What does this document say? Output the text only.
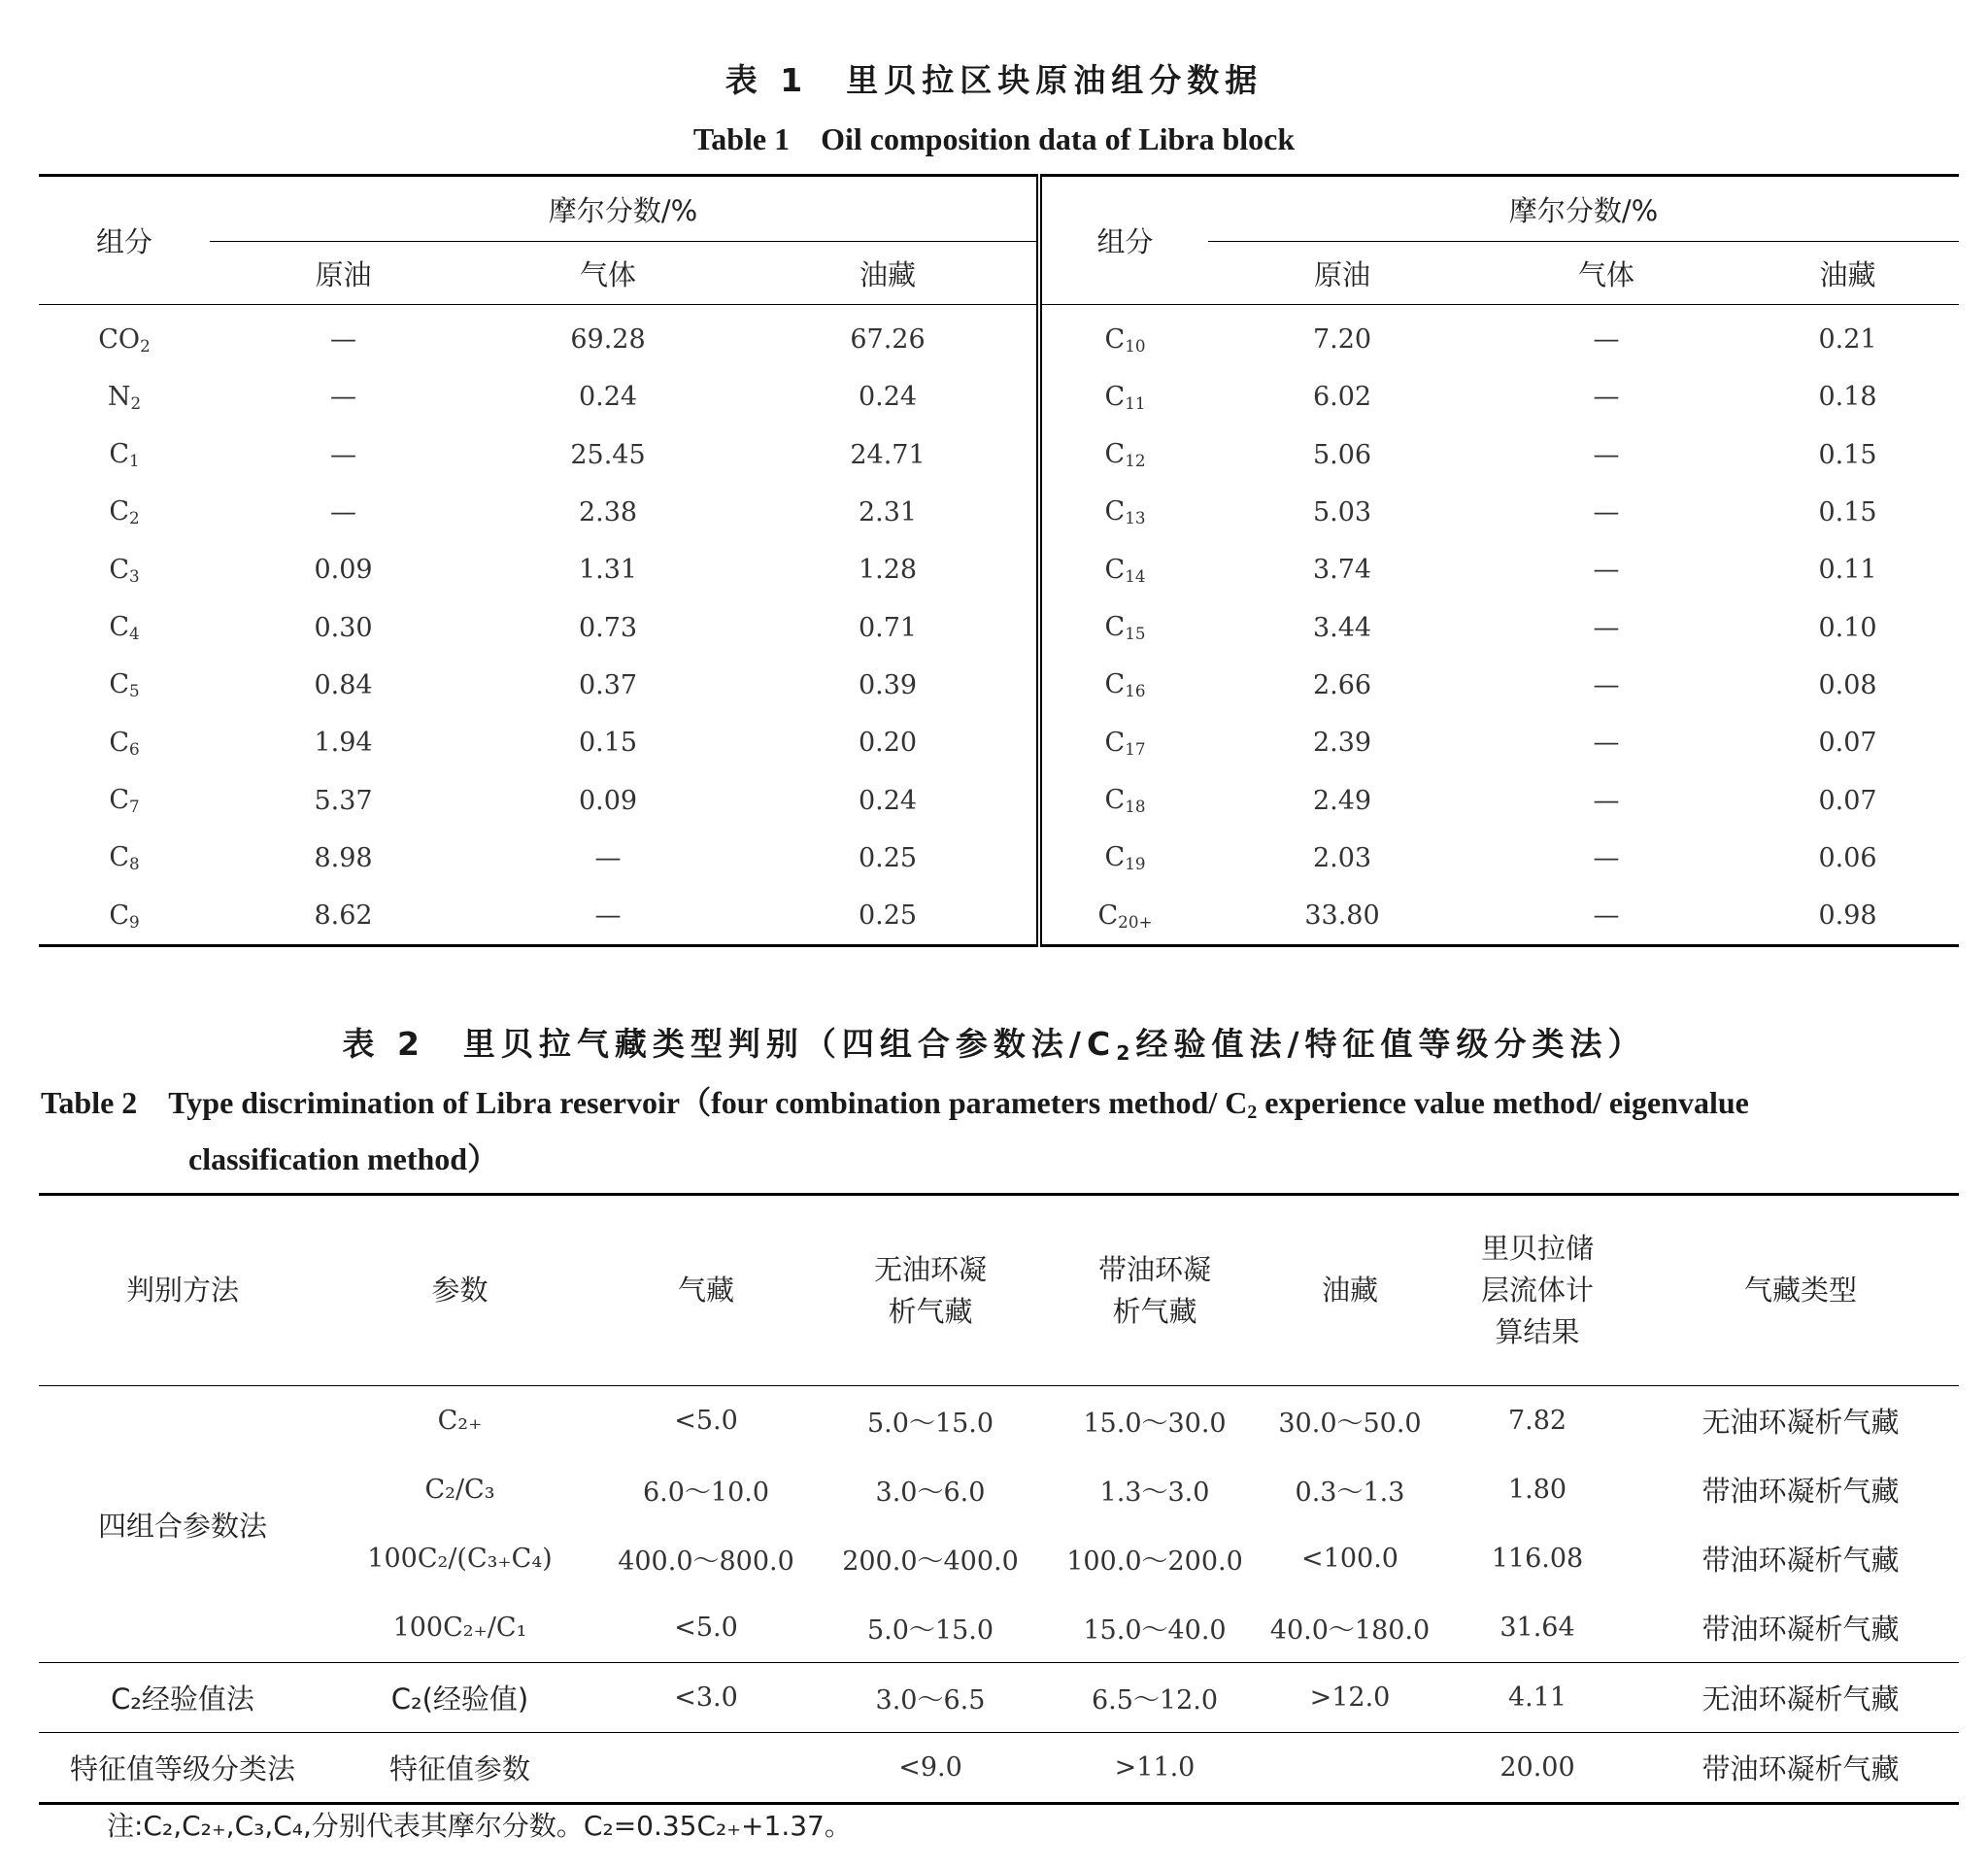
表 1　里贝拉区块原油组分数据
Table 1　Oil composition data of Libra block
组分	摩尔分数/%			组分	摩尔分数/%		
	原油	气体	油藏		原油	气体	油藏
$CO_2$	—	69.28	67.26	$C_{10}$	7.20	—	0.21
$N_2$	—	0.24	0.24	$C_{11}$	6.02	—	0.18
$C_1$	—	25.45	24.71	$C_{12}$	5.06	—	0.15
$C_2$	—	2.38	2.31	$C_{13}$	5.03	—	0.15
$C_3$	0.09	1.31	1.28	$C_{14}$	3.74	—	0.11
$C_4$	0.30	0.73	0.71	$C_{15}$	3.44	—	0.10
$C_5$	0.84	0.37	0.39	$C_{16}$	2.66	—	0.08
$C_6$	1.94	0.15	0.20	$C_{17}$	2.39	—	0.07
$C_7$	5.37	0.09	0.24	$C_{18}$	2.49	—	0.07
$C_8$	8.98	—	0.25	$C_{19}$	2.03	—	0.06
$C_9$	8.62	—	0.25	$C_{20+}$	33.80	—	0.98
表 2　里贝拉气藏类型判别（四组合参数法$/C_2$经验值法/特征值等级分类法）
Table 2　Type discrimination of Libra reservoir（four combination parameters method/ $C_2$ experience value method/ eigenvalue
classification method）
判别方法	参数	气藏	无油环凝
析气藏	带油环凝
析气藏	油藏	里贝拉储
层流体计
算结果	气藏类型
四组合参数法	C₂₊	<5.0	5.0～15.0	15.0～30.0	30.0～50.0	7.82	无油环凝析气藏
	C₂/C₃	6.0～10.0	3.0～6.0	1.3～3.0	0.3～1.3	1.80	带油环凝析气藏
	100C₂/(C₃₊C₄)	400.0～800.0	200.0～400.0	100.0～200.0	<100.0	116.08	带油环凝析气藏
	100C₂₊/C₁	<5.0	5.0～15.0	15.0～40.0	40.0～180.0	31.64	带油环凝析气藏
C₂经验值法	C₂(经验值)	<3.0	3.0～6.5	6.5～12.0	>12.0	4.11	无油环凝析气藏
特征值等级分类法	特征值参数		<9.0	>11.0		20.00	带油环凝析气藏
注:C₂,C₂₊,C₃,C₄,分别代表其摩尔分数。C₂=0.35C₂₊+1.37。
